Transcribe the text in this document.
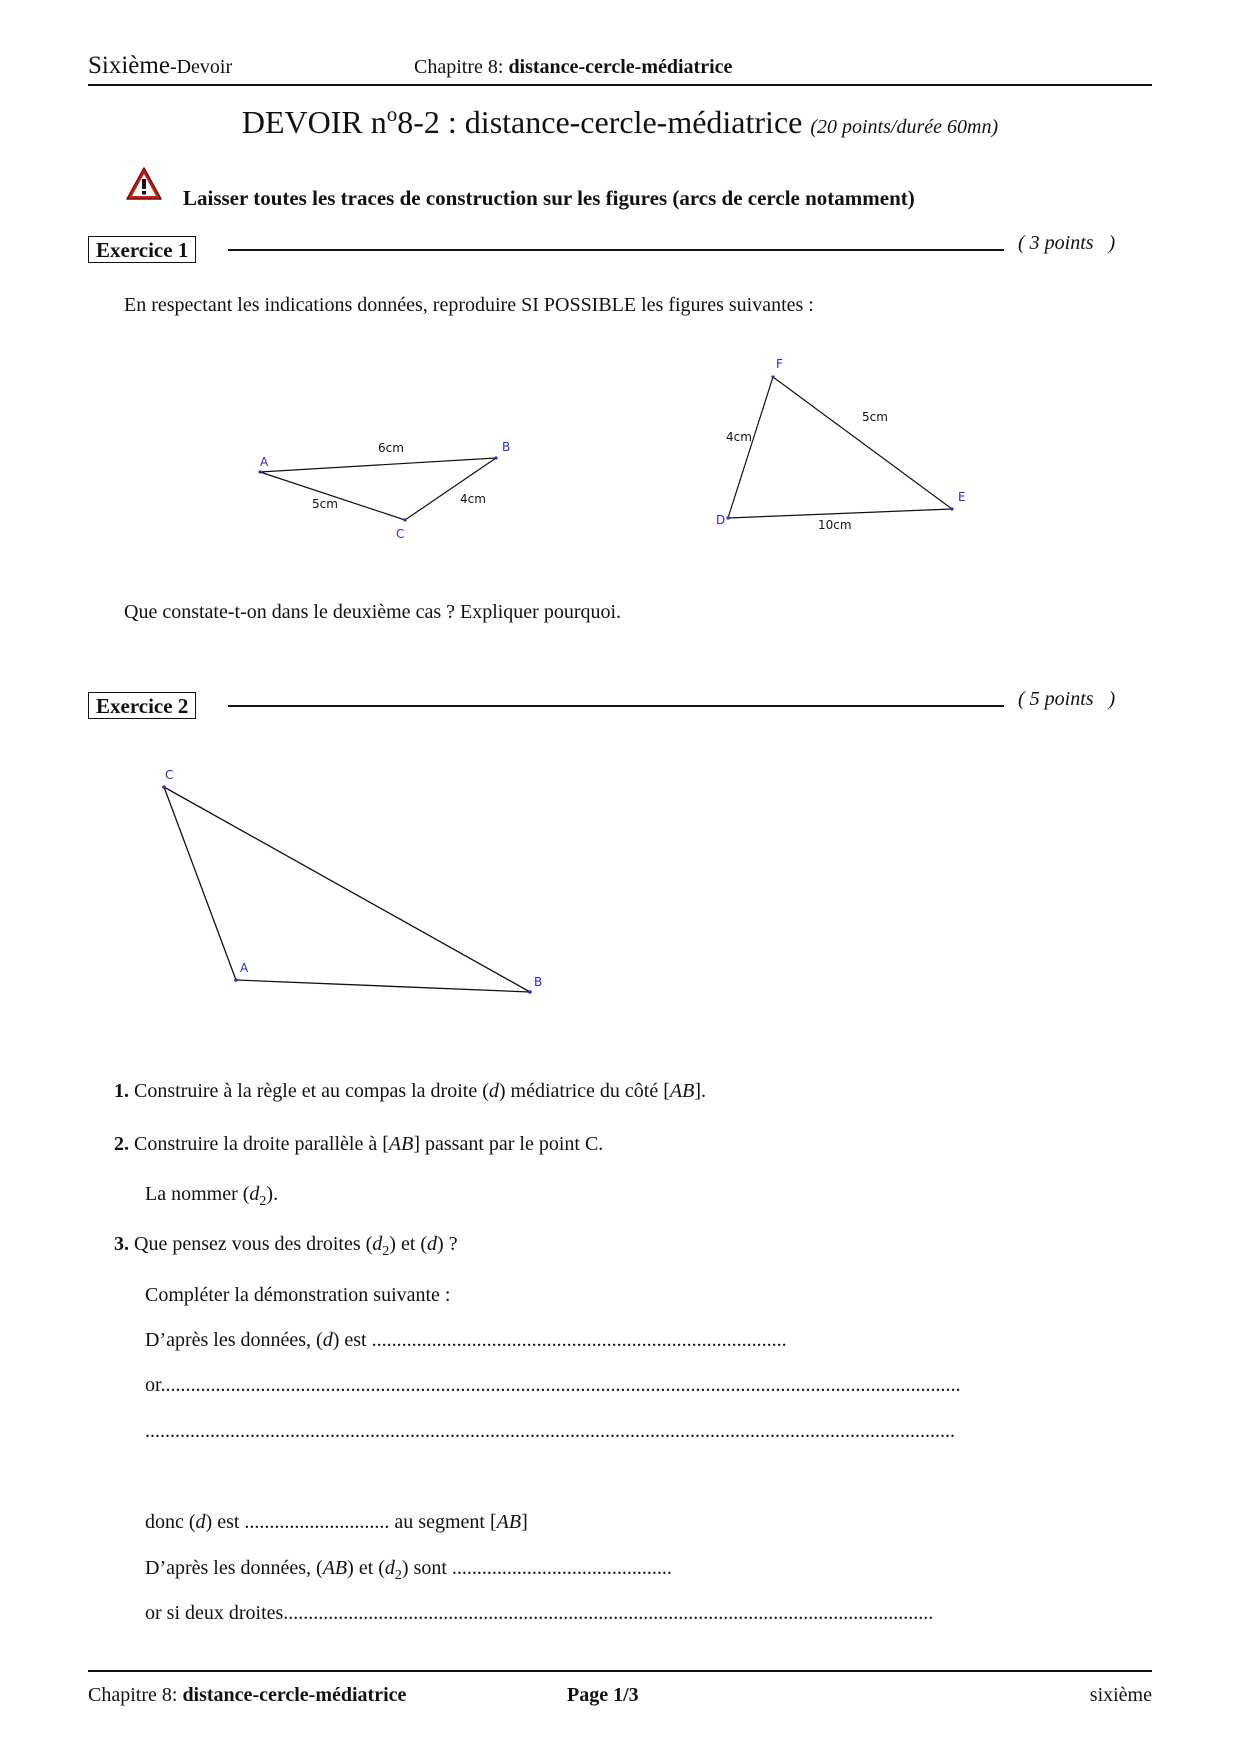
Sixième-Devoir	Chapitre 8: distance-cercle-médiatrice
DEVOIR $n^o8-2$ : distance-cercle-médiatrice (20 points/durée 60mn)
Laisser toutes les traces de construction sur les figures (arcs de cercle notamment)
Exercice 1	( 3 points   )
En respectant les indications données, reproduire SI POSSIBLE les figures suivantes :
A
B
C
6cm
5cm	4cm
D
E
F
4cm
5cm
10cm
Que constate-t-on dans le deuxième cas ? Expliquer pourquoi.
Exercice 2	( 5 points   )
C
A
B
1. Construire à la règle et au compas la droite (d) médiatrice du côté [AB].
2. Construire la droite parallèle à [AB] passant par le point C.
La nommer $(d_2)$.
3. Que pensez vous des droites $(d_2)$ et (d) ?
Compléter la démonstration suivante :
D’après les données, (d) est ...................................................................................
or................................................................................................................................................................
..................................................................................................................................................................
donc (d) est ............................. au segment [AB]
D’après les données, (AB) et $(d_2)$ sont ............................................
or si deux droites..................................................................................................................................
Chapitre 8: distance-cercle-médiatrice	Page 1/3	sixième
